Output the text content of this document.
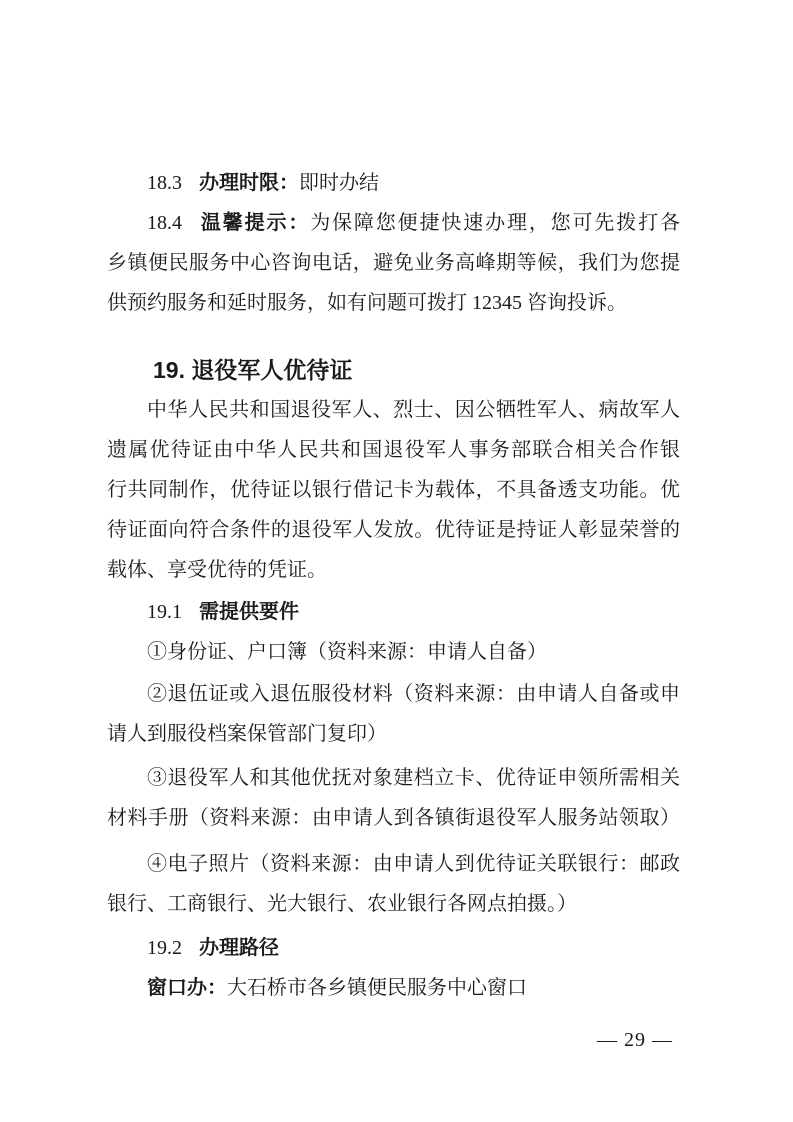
18.3 办理时限：即时办结
18.4 温馨提示：为保障您便捷快速办理，您可先拨打各
乡镇便民服务中心咨询电话，避免业务高峰期等候，我们为您提
供预约服务和延时服务，如有问题可拨打 12345 咨询投诉。
19. 退役军人优待证
中华人民共和国退役军人、烈士、因公牺牲军人、病故军人
遗属优待证由中华人民共和国退役军人事务部联合相关合作银
行共同制作，优待证以银行借记卡为载体，不具备透支功能。优
待证面向符合条件的退役军人发放。优待证是持证人彰显荣誉的
载体、享受优待的凭证。
19.1 需提供要件
①身份证、户口簿（资料来源：申请人自备）
②退伍证或入退伍服役材料（资料来源：由申请人自备或申
请人到服役档案保管部门复印）
③退役军人和其他优抚对象建档立卡、优待证申领所需相关
材料手册（资料来源：由申请人到各镇街退役军人服务站领取）
④电子照片（资料来源：由申请人到优待证关联银行：邮政
银行、工商银行、光大银行、农业银行各网点拍摄。）
19.2 办理路径
窗口办：大石桥市各乡镇便民服务中心窗口
— 29 —
